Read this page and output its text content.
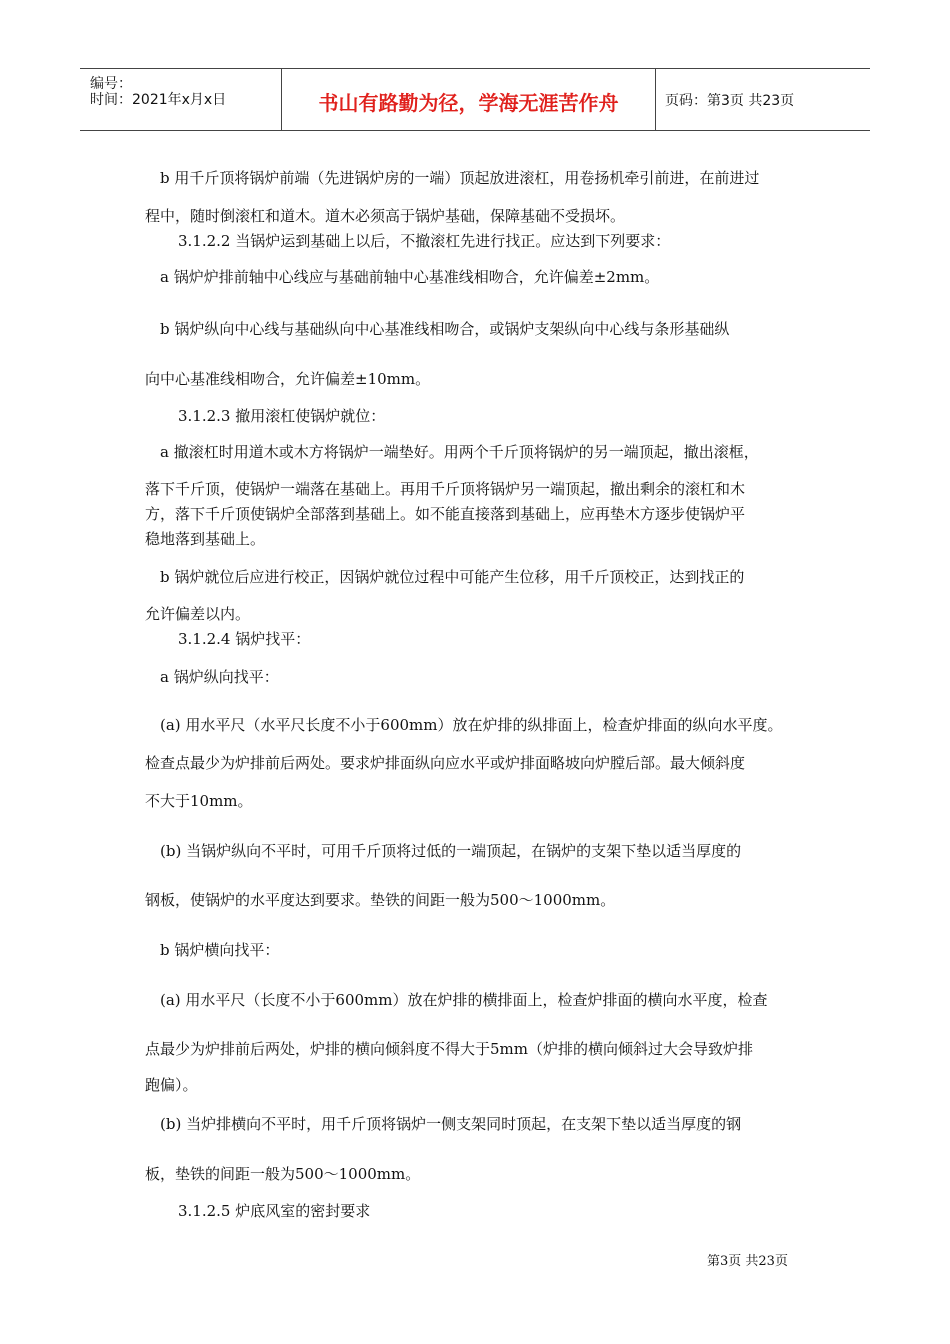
编号：
时间：2021年x月x日	书山有路勤为径，学海无涯苦作舟	页码：第3页 共23页
b 用千斤顶将锅炉前端（先进锅炉房的一端）顶起放进滚杠，用卷扬机牵引前进，在前进过
程中，随时倒滚杠和道木。道木必须高于锅炉基础，保障基础不受损坏。
3.1.2.2 当锅炉运到基础上以后，不撤滚杠先进行找正。应达到下列要求：
a 锅炉炉排前轴中心线应与基础前轴中心基准线相吻合，允许偏差±2mm。
b 锅炉纵向中心线与基础纵向中心基准线相吻合，或锅炉支架纵向中心线与条形基础纵
向中心基准线相吻合，允许偏差±10mm。
3.1.2.3 撤用滚杠使锅炉就位：
a 撤滚杠时用道木或木方将锅炉一端垫好。用两个千斤顶将锅炉的另一端顶起，撤出滚框，
落下千斤顶，使锅炉一端落在基础上。再用千斤顶将锅炉另一端顶起，撤出剩余的滚杠和木
方，落下千斤顶使锅炉全部落到基础上。如不能直接落到基础上，应再垫木方逐步使锅炉平
稳地落到基础上。
b 锅炉就位后应进行校正，因锅炉就位过程中可能产生位移，用千斤顶校正，达到找正的
允许偏差以内。
3.1.2.4 锅炉找平：
a 锅炉纵向找平：
(a) 用水平尺（水平尺长度不小于600mm）放在炉排的纵排面上，检查炉排面的纵向水平度。
检查点最少为炉排前后两处。要求炉排面纵向应水平或炉排面略坡向炉膛后部。最大倾斜度
不大于10mm。
(b) 当锅炉纵向不平时，可用千斤顶将过低的一端顶起，在锅炉的支架下垫以适当厚度的
钢板，使锅炉的水平度达到要求。垫铁的间距一般为500～1000mm。
b 锅炉横向找平：
(a) 用水平尺（长度不小于600mm）放在炉排的横排面上，检查炉排面的横向水平度，检查
点最少为炉排前后两处，炉排的横向倾斜度不得大于5mm（炉排的横向倾斜过大会导致炉排
跑偏）。
(b) 当炉排横向不平时，用千斤顶将锅炉一侧支架同时顶起，在支架下垫以适当厚度的钢
板，垫铁的间距一般为500～1000mm。
3.1.2.5 炉底风室的密封要求
第3页 共23页
